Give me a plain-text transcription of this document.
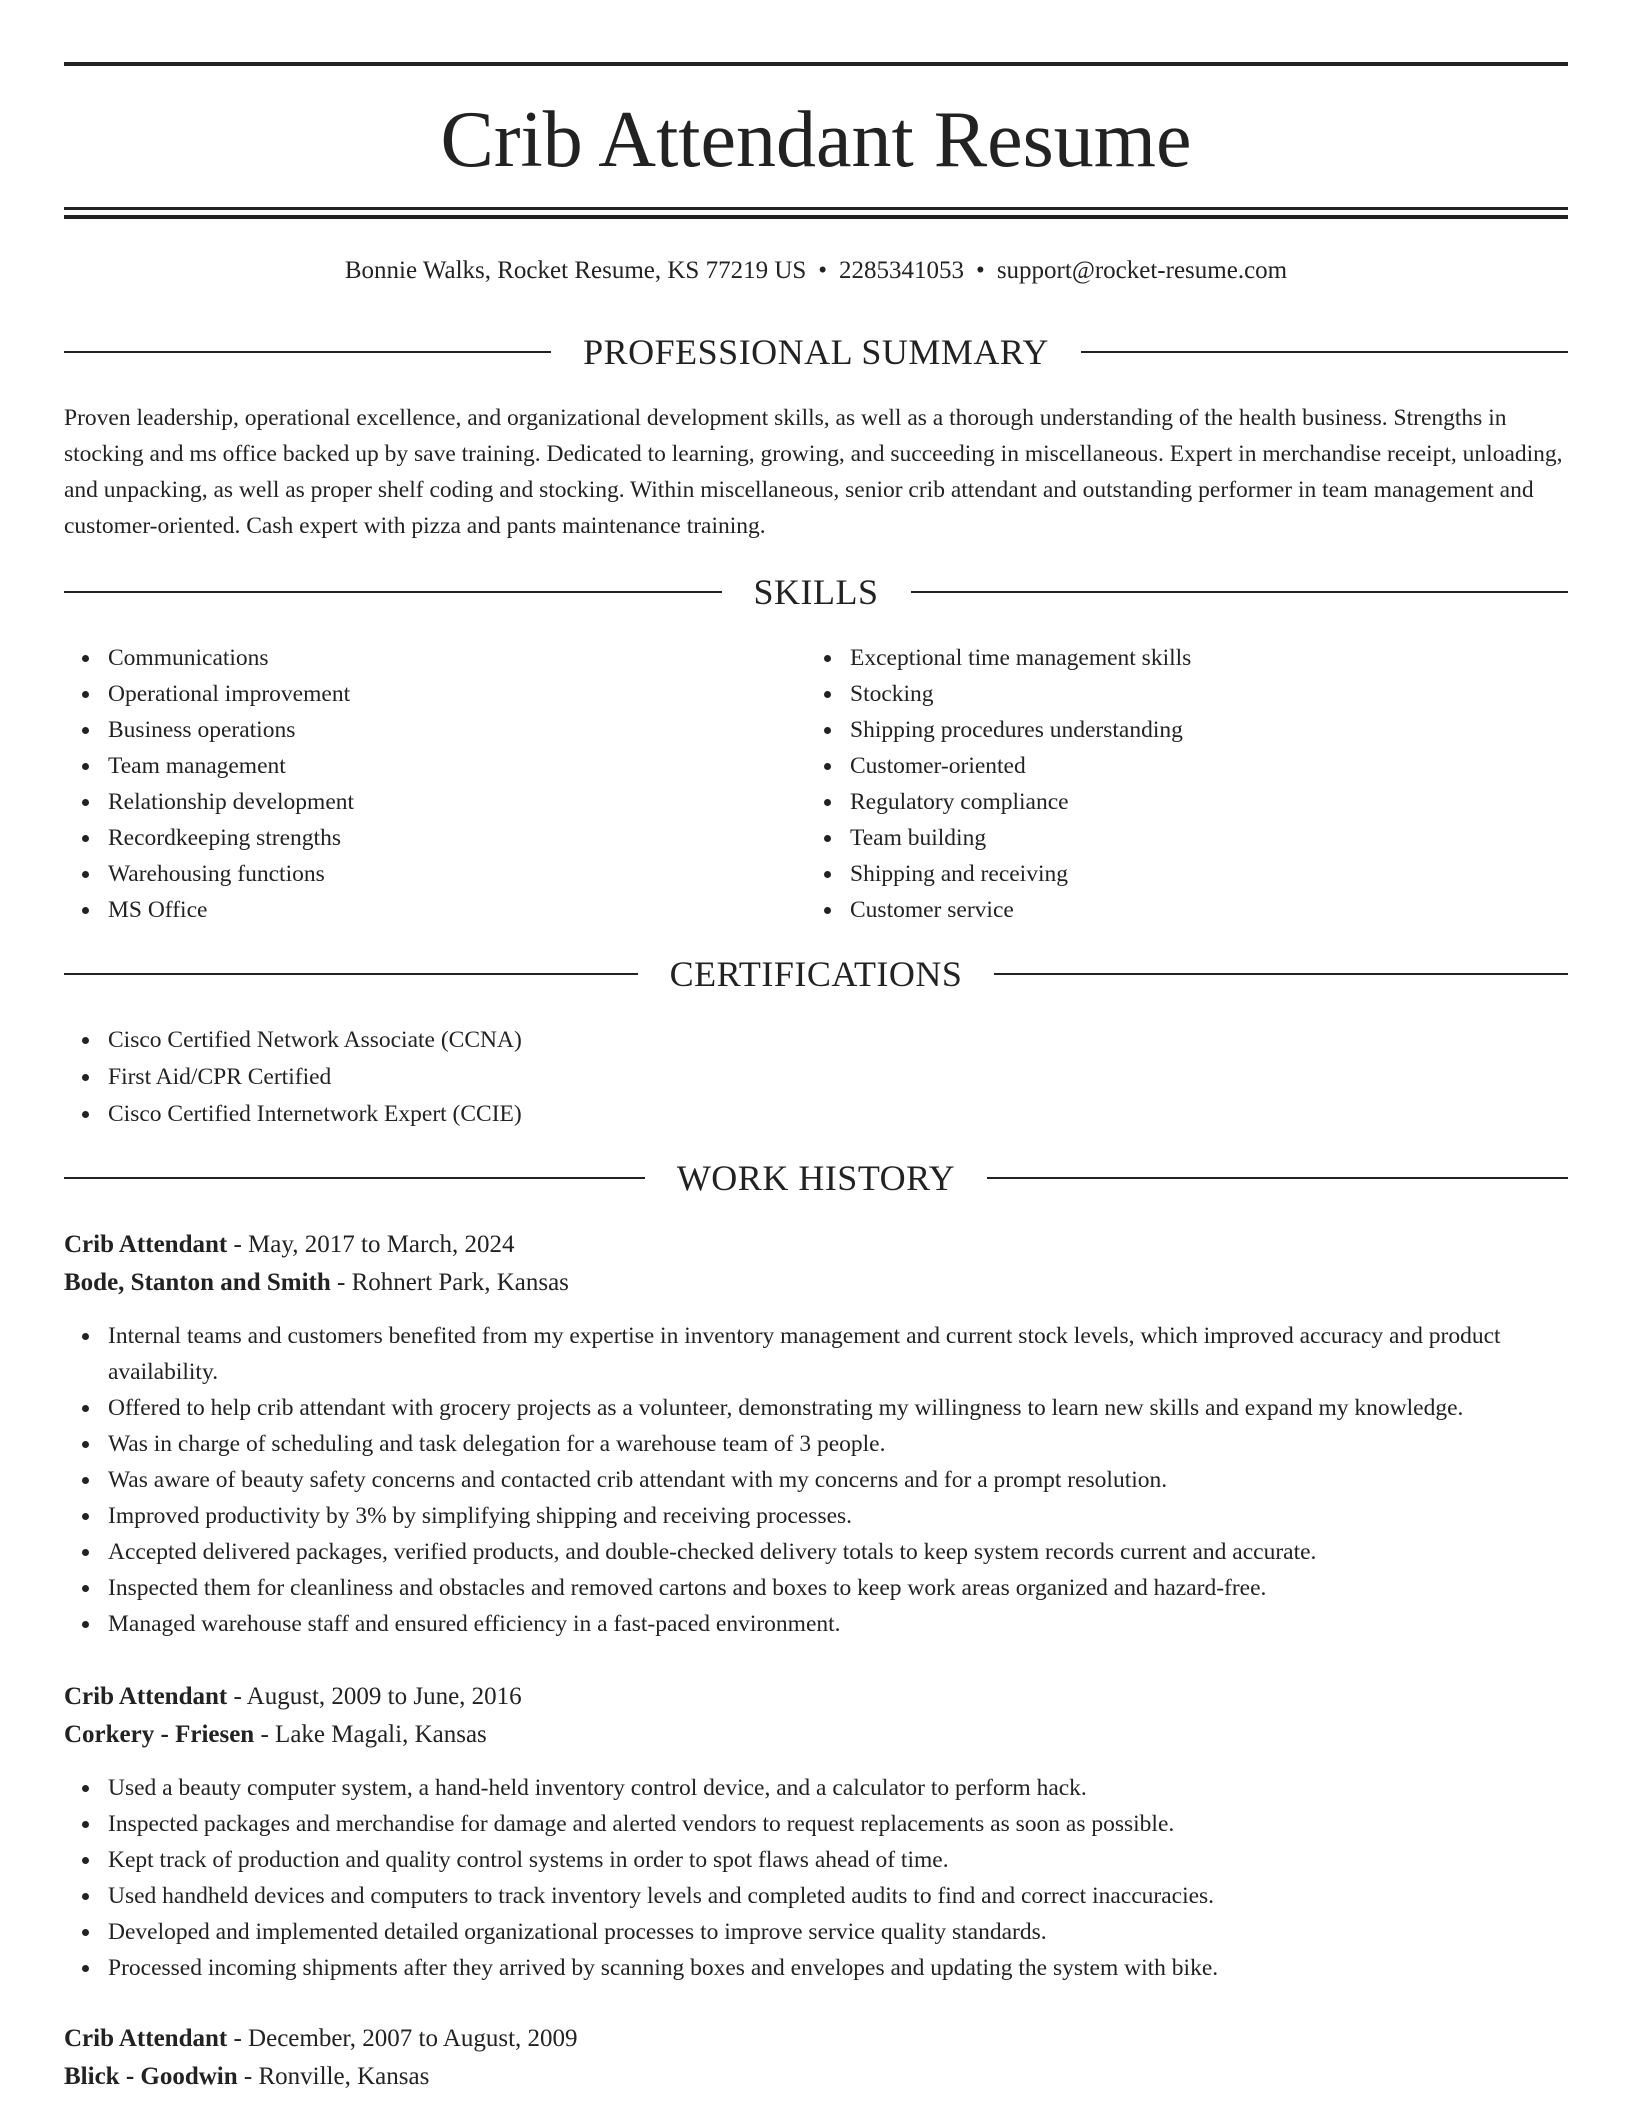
Crib Attendant Resume
Bonnie Walks, Rocket Resume, KS 77219 US • 2285341053 • support@rocket-resume.com
PROFESSIONAL SUMMARY

Proven leadership, operational excellence, and organizational development skills, as well as a thorough understanding of the health business. Strengths in stocking and ms office backed up by save training. Dedicated to learning, growing, and succeeding in miscellaneous. Expert in merchandise receipt, unloading, and unpacking, as well as proper shelf coding and stocking. Within miscellaneous, senior crib attendant and outstanding performer in team management and customer-oriented. Cash expert with pizza and pants maintenance training.

SKILLS
Communications
Operational improvement
Business operations
Team management
Relationship development
Recordkeeping strengths
Warehousing functions
MS Office
Exceptional time management skills
Stocking
Shipping procedures understanding
Customer-oriented
Regulatory compliance
Team building
Shipping and receiving
Customer service
CERTIFICATIONS
Cisco Certified Network Associate (CCNA)
First Aid/CPR Certified
Cisco Certified Internetwork Expert (CCIE)
WORK HISTORY
Crib Attendant - May, 2017 to March, 2024
Bode, Stanton and Smith - Rohnert Park, Kansas
Internal teams and customers benefited from my expertise in inventory management and current stock levels, which improved accuracy and product availability.
Offered to help crib attendant with grocery projects as a volunteer, demonstrating my willingness to learn new skills and expand my knowledge.
Was in charge of scheduling and task delegation for a warehouse team of 3 people.
Was aware of beauty safety concerns and contacted crib attendant with my concerns and for a prompt resolution.
Improved productivity by 3% by simplifying shipping and receiving processes.
Accepted delivered packages, verified products, and double-checked delivery totals to keep system records current and accurate.
Inspected them for cleanliness and obstacles and removed cartons and boxes to keep work areas organized and hazard-free.
Managed warehouse staff and ensured efficiency in a fast-paced environment.
Crib Attendant - August, 2009 to June, 2016
Corkery - Friesen - Lake Magali, Kansas
Used a beauty computer system, a hand-held inventory control device, and a calculator to perform hack.
Inspected packages and merchandise for damage and alerted vendors to request replacements as soon as possible.
Kept track of production and quality control systems in order to spot flaws ahead of time.
Used handheld devices and computers to track inventory levels and completed audits to find and correct inaccuracies.
Developed and implemented detailed organizational processes to improve service quality standards.
Processed incoming shipments after they arrived by scanning boxes and envelopes and updating the system with bike.
Crib Attendant - December, 2007 to August, 2009
Blick - Goodwin - Ronville, Kansas
